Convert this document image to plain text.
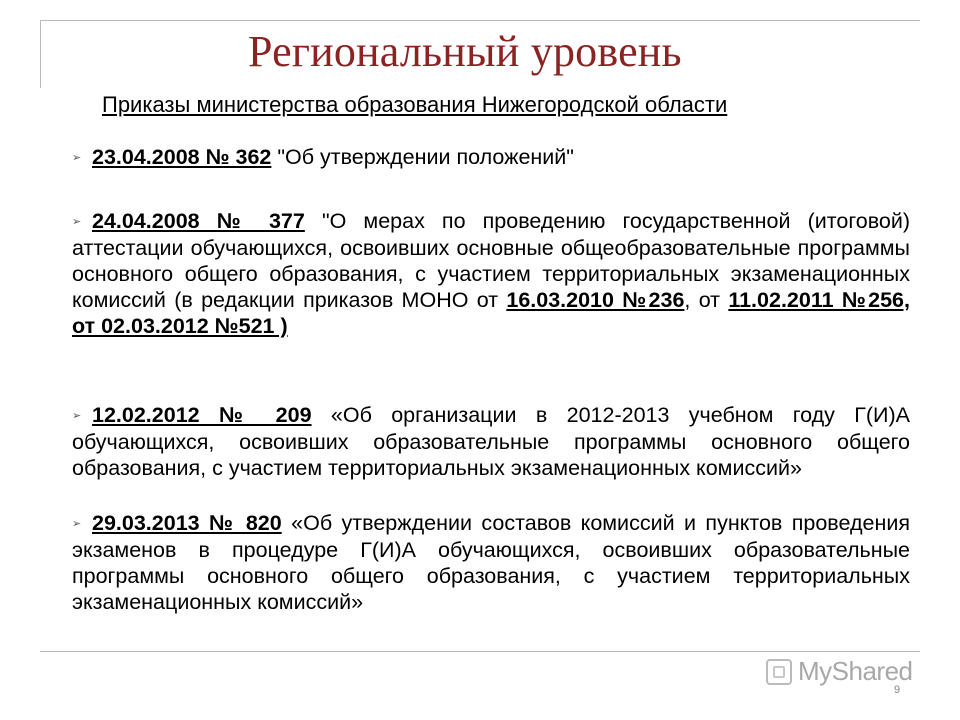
Региональный уровень
Приказы министерства образования Нижегородской области
➢ 23.04.2008 № 362 "Об утверждении положений"
➢ 24.04.2008 № 377 "О мерах по проведению государственной (итоговой) аттестации обучающихся, освоивших основные общеобразовательные программы основного общего образования, с участием территориальных экзаменационных комиссий (в редакции приказов МОНО от 16.03.2010 №236, от 11.02.2011 №256, от 02.03.2012 №521 )
➢ 12.02.2012 № 209 «Об организации в 2012-2013 учебном году Г(И)А обучающихся, освоивших образовательные программы основного общего образования, с участием территориальных экзаменационных комиссий»
➢ 29.03.2013 № 820 «Об утверждении составов комиссий и пунктов проведения экзаменов в процедуре Г(И)А обучающихся, освоивших образовательные программы основного общего образования, с участием территориальных экзаменационных комиссий»
MyShared
9
